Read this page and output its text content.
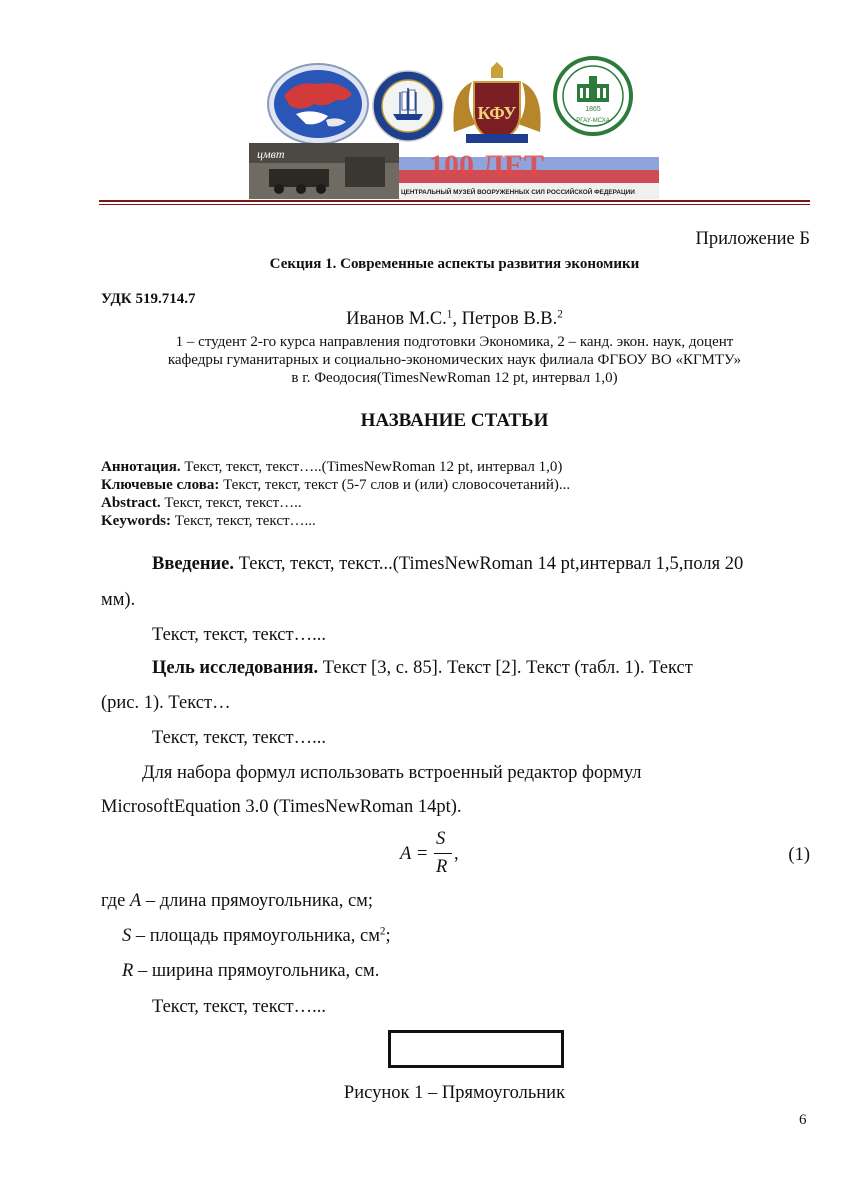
КФУ	1865
РГАУ-МСХА
цмвт	100 ЛЕТ
ЦЕНТРАЛЬНЫЙ МУЗЕЙ ВООРУЖЕННЫХ СИЛ РОССИЙСКОЙ ФЕДЕРАЦИИ
Приложение Б
Секция 1. Современные аспекты развития экономики
УДК 519.714.7
Иванов М.С.$^1$, Петров В.В.$^2$
1 – студент 2-го курса направления подготовки Экономика, 2 – канд. экон. наук, доцент
кафедры гуманитарных и социально-экономических наук филиала ФГБОУ ВО «КГМТУ»
в г. Феодосия(TimesNewRoman 12 pt, интервал 1,0)
НАЗВАНИЕ СТАТЬИ
Аннотация. Текст, текст, текст…..(TimesNewRoman 12 pt, интервал 1,0)
Ключевые слова: Текст, текст, текст (5-7 слов и (или) словосочетаний)...
Abstract. Текст, текст, текст…..
Keywords: Текст, текст, текст…...
Введение. Текст, текст, текст...(TimesNewRoman 14 pt,интервал 1,5,поля 20
мм).
Текст, текст, текст…...
Цель исследования. Текст [3, с. 85]. Текст [2]. Текст (табл. 1). Текст
(рис. 1). Текст…
Текст, текст, текст…...
Для набора формул использовать встроенный редактор формул
MicrosoftEquation 3.0 (TimesNewRoman 14pt).
A =
S
R
,	(1)
где A – длина прямоугольника, см;
S – площадь прямоугольника, $см^2$;
R – ширина прямоугольника, см.
Текст, текст, текст…...
Рисунок 1 – Прямоугольник
6
